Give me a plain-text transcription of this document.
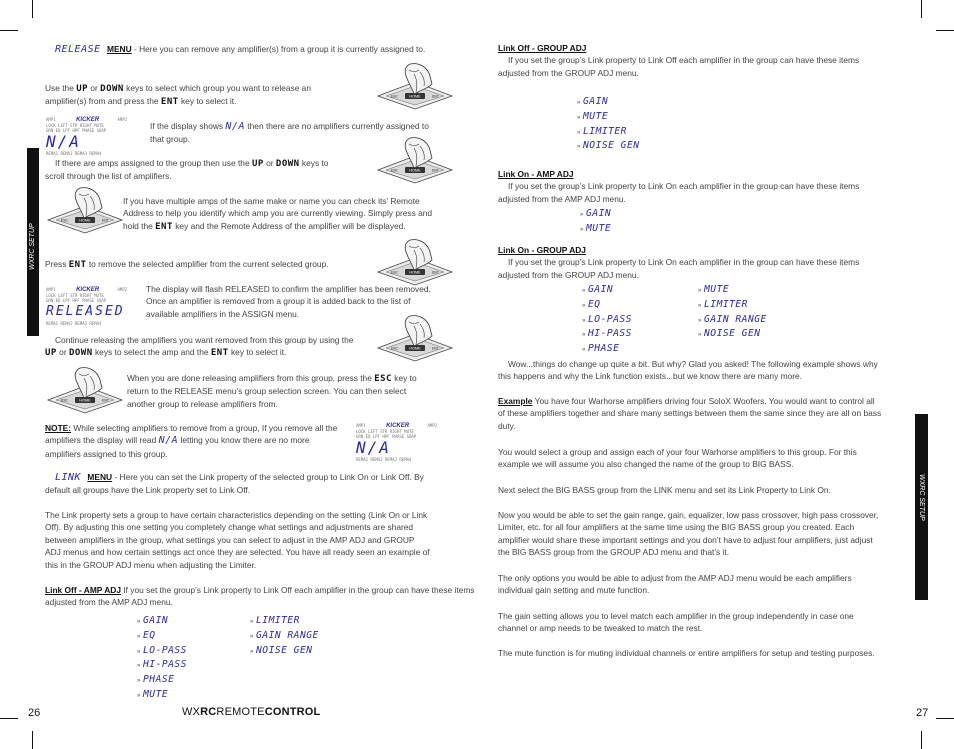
WXRC SETUP
WXRC SETUP
RELEASE MENU - Here you can remove any amplifier(s) from a group it is currently assigned to.
Use the UP or DOWN keys to select which group you want to release an
amplifier(s) from and press the ENT key to select it.
AMP1	KICKER	AMP2
LOCK LEFT STR RIGHT MUTE
GRN EQ LPF HPF PHASE SOAP
N/A
REMA1 REMA2 REMA3 REMA4
If the display shows N/A then there are no amplifiers currently assigned to
that group.
If there are amps assigned to the group then use the UP or DOWN keys to
scroll through the list of amplifiers.
If you have multiple amps of the same make or name you can check its’ Remote
Address to help you identify which amp you are currently viewing. Simply press and
hold the ENT key and the Remote Address of the amplifier will be displayed.
Press ENT to remove the selected amplifier from the current selected group.
AMP1	KICKER	AMP2
LOCK LEFT STR RIGHT MUTE
GRN EQ LPF HPF PHASE SOAP
RELEASED
REMA1 REMA2 REMA3 REMA4
The display will flash RELEASED to confirm the amplifier has been removed.
Once an amplifier is removed from a group it is added back to the list of
available amplifiers in the ASSIGN menu.
Continue releasing the amplifiers you want removed from this group by using the
UP or DOWN keys to select the amp and the ENT key to select it.
When you are done releasing amplifiers from this group, press the ESC key to
return to the RELEASE menu’s group selection screen. You can then select
another group to release amplifiers from.
NOTE: While selecting amplifiers to remove from a group, If you remove all the
amplifiers the display will read N/A letting you know there are no more
amplifiers assigned to this group.
AMP1	KICKER	AMP2
LOCK LEFT STR RIGHT MUTE
GRN EQ LPF HPF PHASE SOAP
N/A
REMA1 REMA2 REMA3 REMA4
LINK MENU - Here you can set the Link property of the selected group to Link On or Link Off. By
default all groups have the Link property set to Link Off.
The Link property sets a group to have certain characteristics depending on the setting (Link On or Link
Off). By adjusting this one setting you completely change what settings and adjustments are shared
between amplifiers in the group, what settings you can select to adjust in the AMP ADJ and GROUP
ADJ menus and how certain settings act once they are selected. You have all ready seen an example of
this in the GROUP ADJ menu when adjusting the Limiter.
Link Off - AMP ADJ If you set the group’s Link property to Link Off each amplifier in the group can have these items
adjusted from the AMP ADJ menu.
» GAIN
» EQ
» LO-PASS
» HI-PASS
» PHASE
» MUTE
» LIMITER
» GAIN RANGE
» NOISE GEN
HOME
ESC	ENT
HOME
ESC	ENT
HOME
ESC	ENT
HOME
ESC	ENT
HOME
ESC	ENT
HOME
ESC	ENT
Link Off - GROUP ADJ
If you set the group’s Link property to Link Off each amplifier in the group can have these items
adjusted from the GROUP ADJ menu.
» GAIN
» MUTE
» LIMITER
» NOISE GEN
Link On - AMP ADJ
If you set the group’s Link property to Link On each amplifier in the group can have these items
adjusted from the AMP ADJ menu.
» GAIN
» MUTE
Link On - GROUP ADJ
If you set the group’s Link property to Link On each amplifier in the group can have these items
adjusted from the GROUP ADJ menu.
» GAIN
» EQ
» LO-PASS
» HI-PASS
» PHASE
» MUTE
» LIMITER
» GAIN RANGE
» NOISE GEN
Wow...things do change up quite a bit. But why? Glad you asked! The following example shows why
this happens and why the Link function exists...but we know there are many more.
Example You have four Warhorse amplifiers driving four SoloX Woofers. You would want to control all
of these amplifiers together and share many settings between them the same since they are all on bass
duty.
You would select a group and assign each of your four Warhorse amplifiers to this group. For this
example we will assume you also changed the name of the group to BIG BASS.
Next select the BIG BASS group from the LINK menu and set its Link Property to Link On.
Now you would be able to set the gain range, gain, equalizer, low pass crossover, high pass crossover,
Limiter, etc. for all four amplifiers at the same time using the BIG BASS group you created. Each
amplifier would share these important settings and you don’t have to adjust four amplifiers, just adjust
the BIG BASS group from the GROUP ADJ menu and that’s it.
The only options you would be able to adjust from the AMP ADJ menu would be each amplifiers
individual gain setting and mute function.
The gain setting allows you to level match each amplifier in the group independently in case one
channel or amp needs to be tweaked to match the rest.
The mute function is for muting individual channels or entire amplifiers for setup and testing purposes.
26	27
WXRCREMOTECONTROL
